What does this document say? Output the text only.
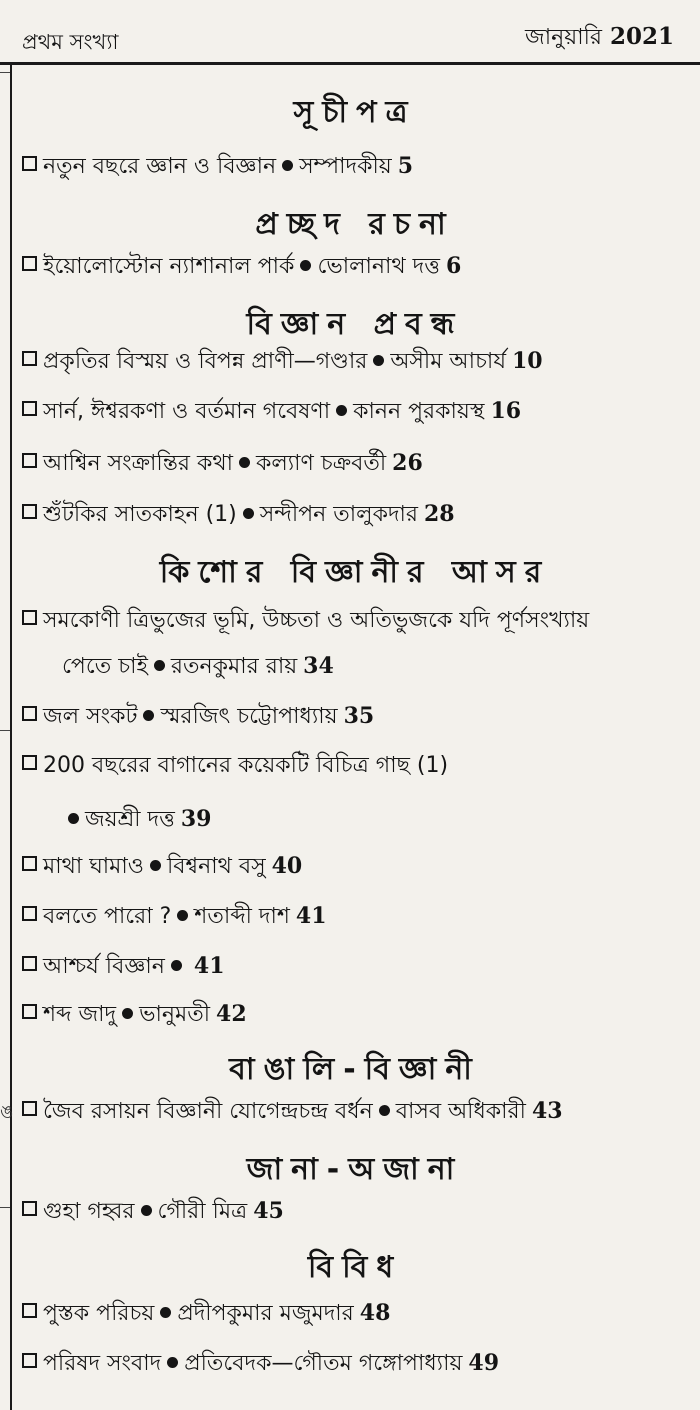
প্রথম সংখ্যা	জানুয়ারি 2021
ঙ
সূচীপত্র
নতুন বছরে জ্ঞান ও বিজ্ঞান সম্পাদকীয় 5
প্রচ্ছদ রচনা
ইয়োলোস্টোন ন্যাশানাল পার্ক ভোলানাথ দত্ত 6
বিজ্ঞান প্রবন্ধ
প্রকৃতির বিস্ময় ও বিপন্ন প্রাণী—গণ্ডার অসীম আচার্য 10
সার্ন, ঈশ্বরকণা ও বর্তমান গবেষণা কানন পুরকায়স্থ 16
আশ্বিন সংক্রান্তির কথা কল্যাণ চক্রবর্তী 26
শুঁটকির সাতকাহন (1) সন্দীপন তালুকদার 28
কিশোর বিজ্ঞানীর আসর
সমকোণী ত্রিভুজের ভূমি, উচ্চতা ও অতিভুজকে যদি পূর্ণসংখ্যায়
পেতে চাই রতনকুমার রায় 34
জল সংকট স্মরজিৎ চট্টোপাধ্যায় 35
200 বছরের বাগানের কয়েকটি বিচিত্র গাছ (1)
জয়শ্রী দত্ত 39
মাথা ঘামাও বিশ্বনাথ বসু 40
বলতে পারো ? শতাব্দী দাশ 41
আশ্চর্য বিজ্ঞান 41
শব্দ জাদু ভানুমতী 42
বাঙালি-বিজ্ঞানী
জৈব রসায়ন বিজ্ঞানী যোগেন্দ্রচন্দ্র বর্ধন বাসব অধিকারী 43
জানা-অজানা
গুহা গহ্বর গৌরী মিত্র 45
বিবিধ
পুস্তক পরিচয় প্রদীপকুমার মজুমদার 48
পরিষদ সংবাদ প্রতিবেদক—গৌতম গঙ্গোপাধ্যায় 49
